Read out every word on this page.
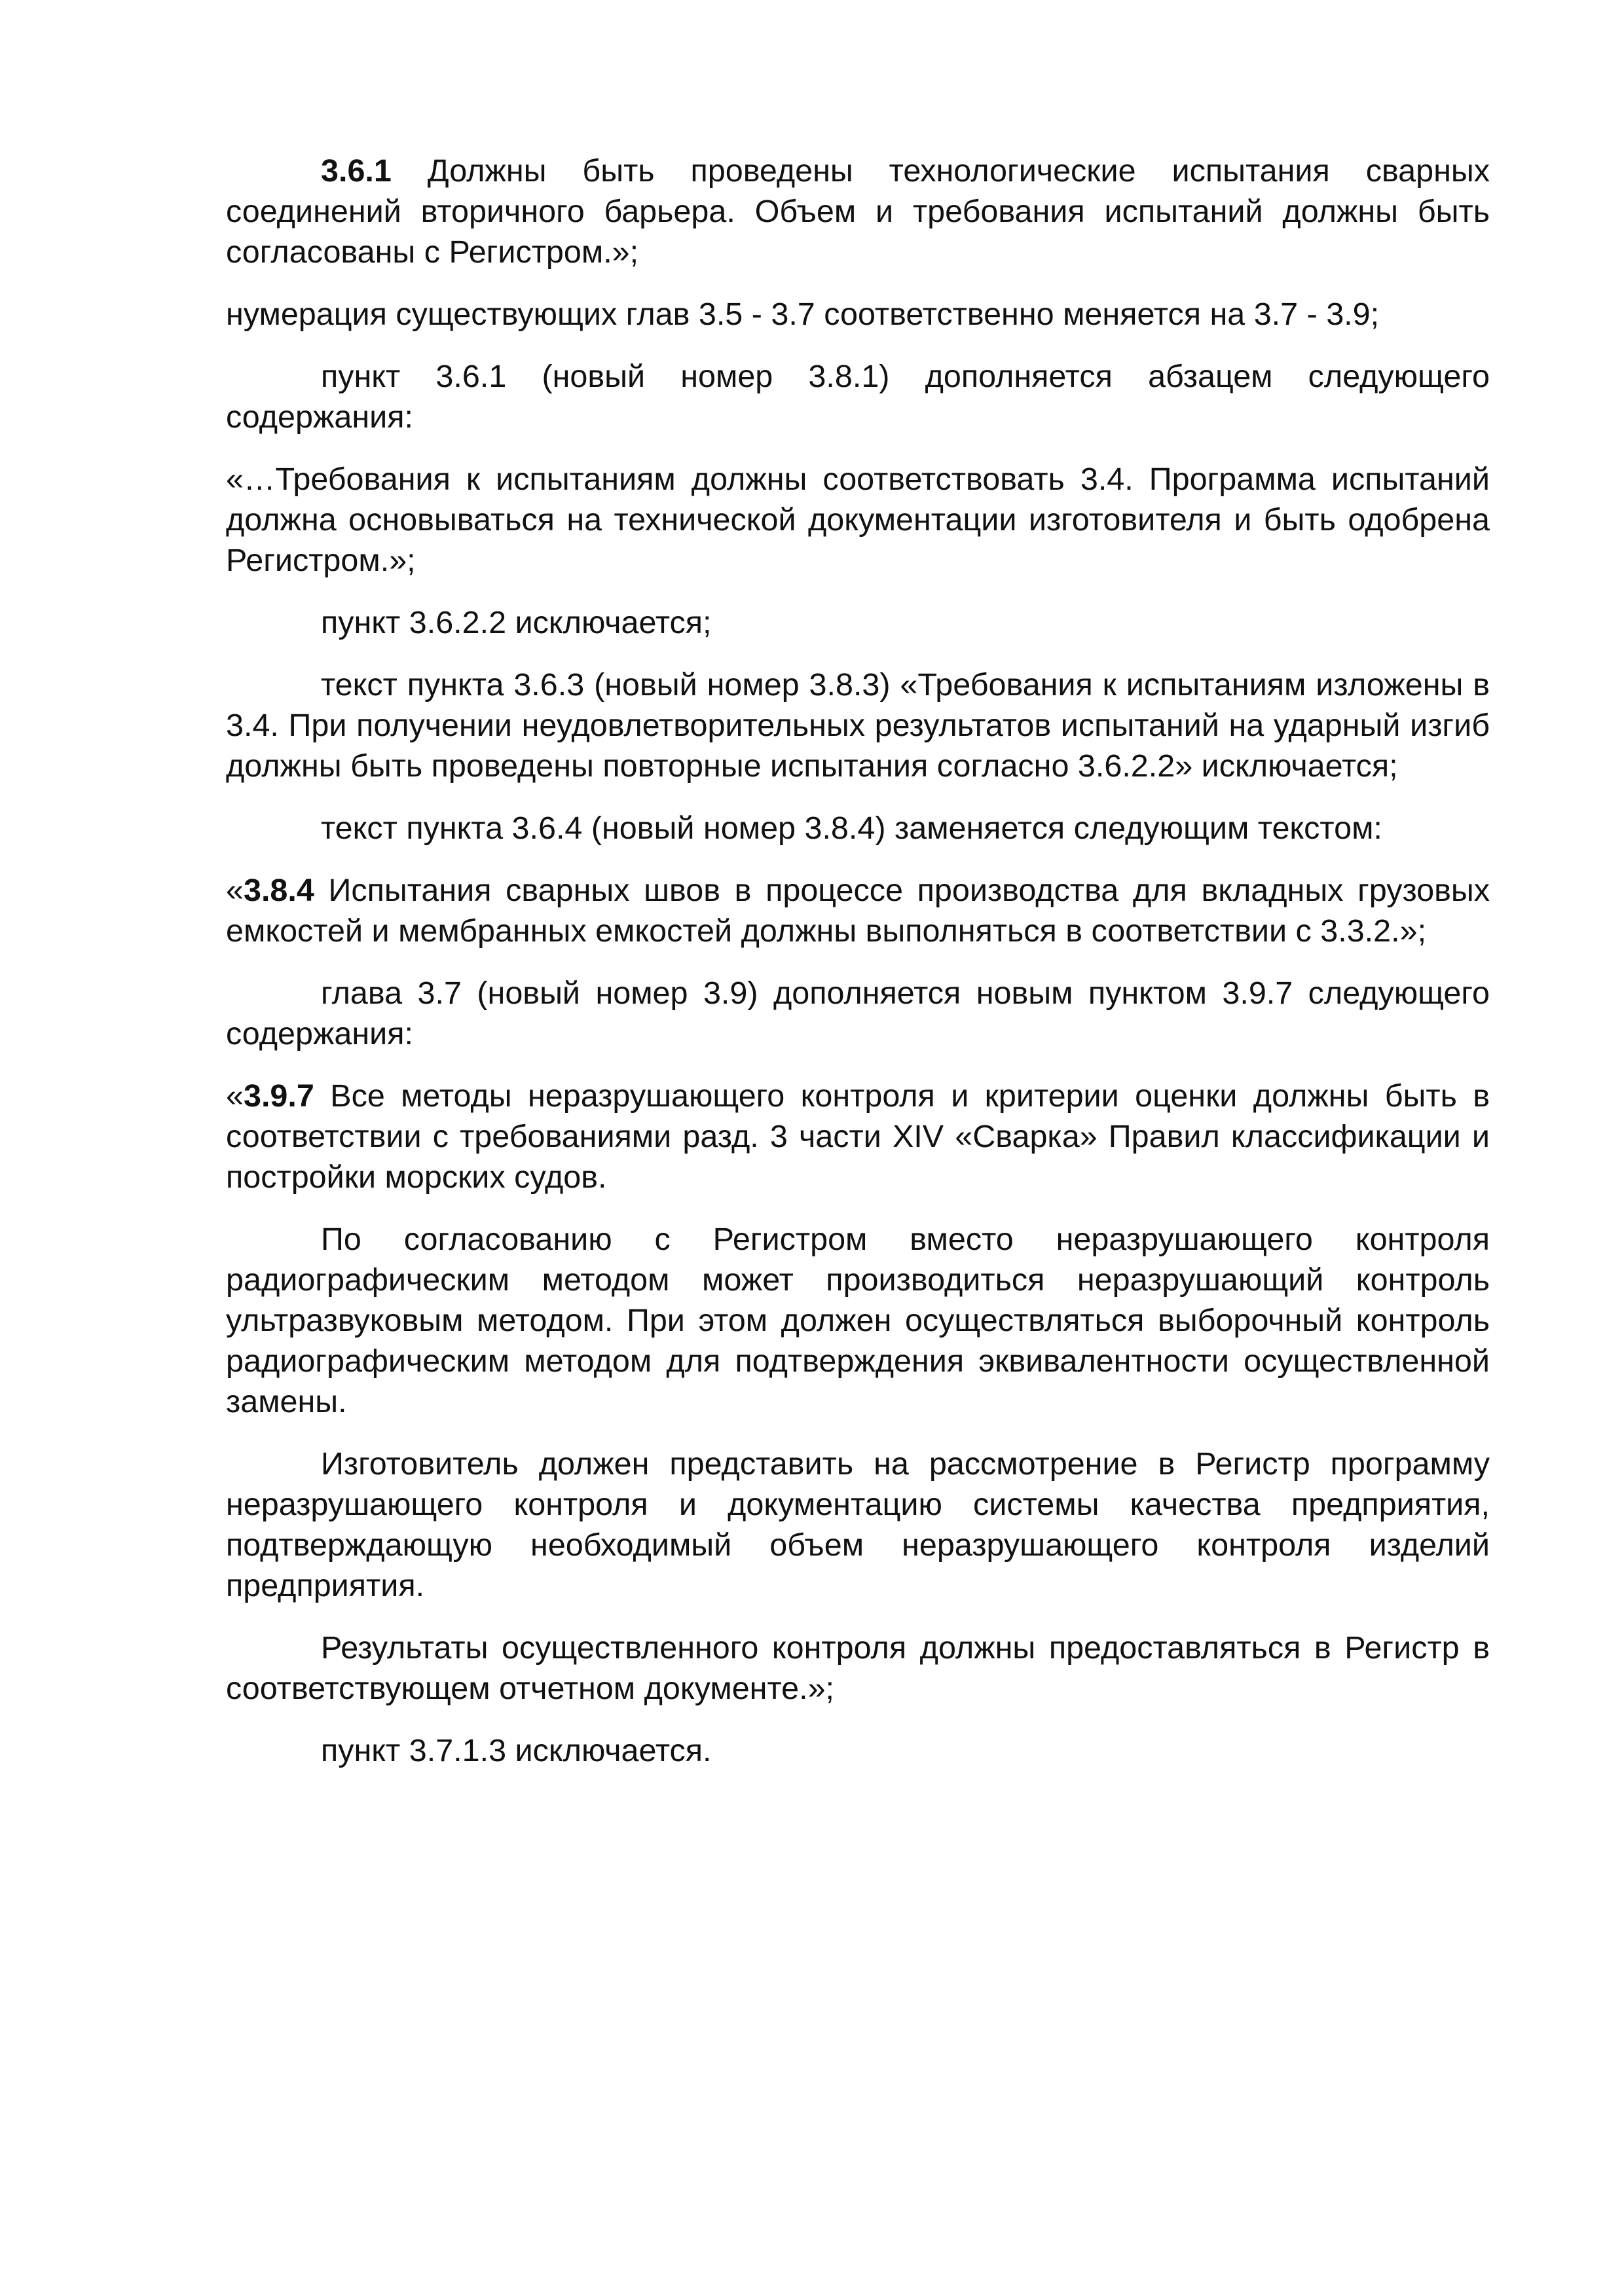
3.6.1 Должны быть проведены технологические испытания сварных соединений вторичного барьера. Объем и требования испытаний должны быть согласованы с Регистром.»;

нумерация существующих глав 3.5 - 3.7 соответственно меняется на 3.7 - 3.9;

пункт 3.6.1 (новый номер 3.8.1) дополняется абзацем следующего содержания:

«…Требования к испытаниям должны соответствовать 3.4. Программа испытаний должна основываться на технической документации изготовителя и быть одобрена Регистром.»;

пункт 3.6.2.2 исключается;

текст пункта 3.6.3 (новый номер 3.8.3) «Требования к испытаниям изложены в 3.4. При получении неудовлетворительных результатов испытаний на ударный изгиб должны быть проведены повторные испытания согласно 3.6.2.2» исключается;

текст пункта 3.6.4 (новый номер 3.8.4) заменяется следующим текстом:

«3.8.4 Испытания сварных швов в процессе производства для вкладных грузовых емкостей и мембранных емкостей должны выполняться в соответствии с 3.3.2.»;

глава 3.7 (новый номер 3.9) дополняется новым пунктом 3.9.7 следующего содержания:

«3.9.7 Все методы неразрушающего контроля и критерии оценки должны быть в соответствии с требованиями разд. 3 части XIV «Сварка» Правил классификации и постройки морских судов.

По согласованию с Регистром вместо неразрушающего контроля радиографическим методом может производиться неразрушающий контроль ультразвуковым методом. При этом должен осуществляться выборочный контроль радиографическим методом для подтверждения эквивалентности осуществленной замены.

Изготовитель должен представить на рассмотрение в Регистр программу неразрушающего контроля и документацию системы качества предприятия, подтверждающую необходимый объем неразрушающего контроля изделий предприятия.

Результаты осуществленного контроля должны предоставляться в Регистр в соответствующем отчетном документе.»;

пункт 3.7.1.3 исключается.
